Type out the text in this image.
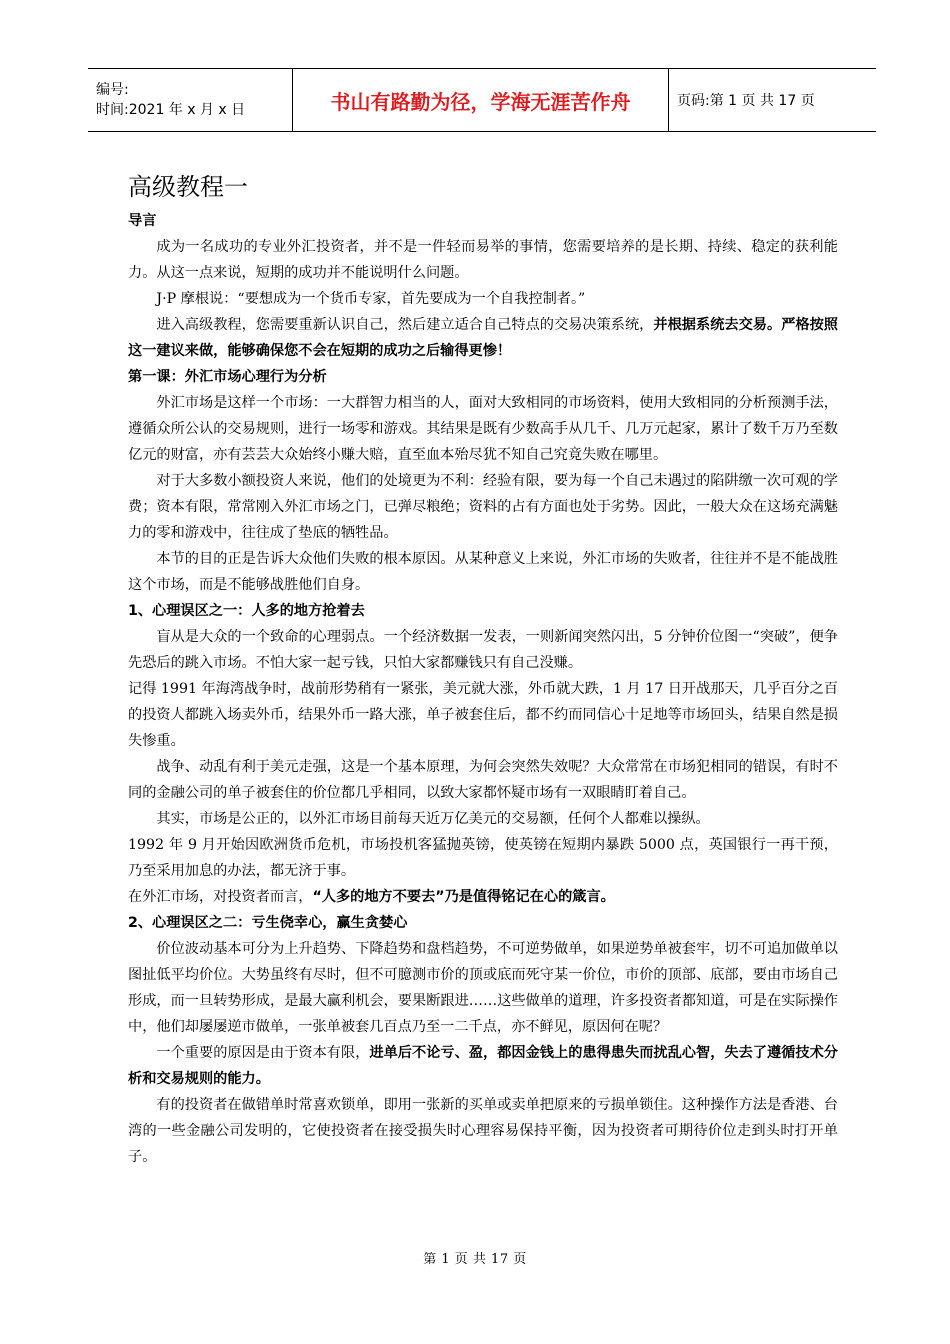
编号:
时间:2021 年 x 月 x 日	书山有路勤为径，学海无涯苦作舟	页码:第 1 页 共 17 页
高级教程一

导言

成为一名成功的专业外汇投资者，并不是一件轻而易举的事情，您需要培养的是长期、持续、稳定的获利能力。从这一点来说，短期的成功并不能说明什么问题。

J·P 摩根说：“要想成为一个货币专家，首先要成为一个自我控制者。”

进入高级教程，您需要重新认识自己，然后建立适合自己特点的交易决策系统，并根据系统去交易。严格按照这一建议来做，能够确保您不会在短期的成功之后输得更惨！

第一课：外汇市场心理行为分析

外汇市场是这样一个市场：一大群智力相当的人，面对大致相同的市场资料，使用大致相同的分析预测手法，遵循众所公认的交易规则，进行一场零和游戏。其结果是既有少数高手从几千、几万元起家，累计了数千万乃至数亿元的财富，亦有芸芸大众始终小赚大赔，直至血本殆尽犹不知自己究竟失败在哪里。

对于大多数小额投资人来说，他们的处境更为不利：经验有限，要为每一个自己未遇过的陷阱缴一次可观的学费；资本有限，常常刚入外汇市场之门，已弹尽粮绝；资料的占有方面也处于劣势。因此，一般大众在这场充满魅力的零和游戏中，往往成了垫底的牺牲品。

本节的目的正是告诉大众他们失败的根本原因。从某种意义上来说，外汇市场的失败者，往往并不是不能战胜这个市场，而是不能够战胜他们自身。

1、心理误区之一：人多的地方抢着去

盲从是大众的一个致命的心理弱点。一个经济数据一发表，一则新闻突然闪出，5 分钟价位图一“突破”，便争先恐后的跳入市场。不怕大家一起亏钱，只怕大家都赚钱只有自己没赚。

记得 1991 年海湾战争时，战前形势稍有一紧张，美元就大涨，外币就大跌，1 月 17 日开战那天，几乎百分之百的投资人都跳入场卖外币，结果外币一路大涨，单子被套住后，都不约而同信心十足地等市场回头，结果自然是损失惨重。

战争、动乱有利于美元走强，这是一个基本原理，为何会突然失效呢？大众常常在市场犯相同的错误，有时不同的金融公司的单子被套住的价位都几乎相同，以致大家都怀疑市场有一双眼睛盯着自己。

其实，市场是公正的，以外汇市场目前每天近万亿美元的交易额，任何个人都难以操纵。

1992 年 9 月开始因欧洲货币危机，市场投机客猛抛英镑，使英镑在短期内暴跌 5000 点，英国银行一再干预，乃至采用加息的办法，都无济于事。

在外汇市场，对投资者而言，“人多的地方不要去”乃是值得铭记在心的箴言。

2、心理误区之二：亏生侥幸心，赢生贪婪心

价位波动基本可分为上升趋势、下降趋势和盘档趋势，不可逆势做单，如果逆势单被套牢，切不可追加做单以图扯低平均价位。大势虽终有尽时，但不可臆测市价的顶或底而死守某一价位，市价的顶部、底部，要由市场自己形成，而一旦转势形成，是最大赢利机会，要果断跟进……这些做单的道理，许多投资者都知道，可是在实际操作中，他们却屡屡逆市做单，一张单被套几百点乃至一二千点，亦不鲜见，原因何在呢？

一个重要的原因是由于资本有限，进单后不论亏、盈，都因金钱上的患得患失而扰乱心智，失去了遵循技术分析和交易规则的能力。

有的投资者在做错单时常喜欢锁单，即用一张新的买单或卖单把原来的亏损单锁住。这种操作方法是香港、台湾的一些金融公司发明的，它使投资者在接受损失时心理容易保持平衡，因为投资者可期待价位走到头时打开单子。

第 1 页 共 17 页
